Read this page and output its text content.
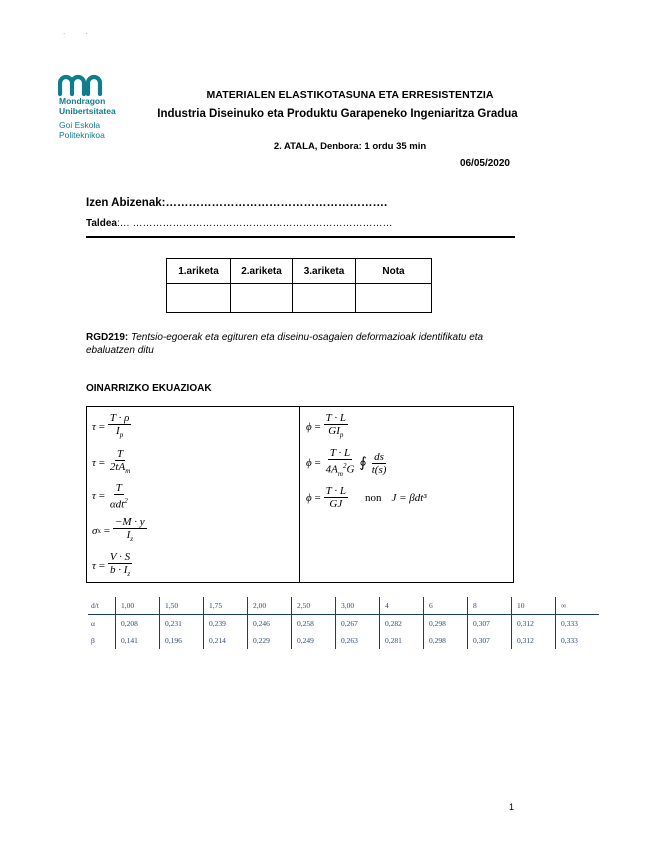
. .
Mondragon
Unibertsitatea
Goi Eskola
Politeknikoa
MATERIALEN ELASTIKOTASUNA ETA ERRESISTENTZIA
Industria Diseinuko eta Produktu Garapeneko Ingeniaritza Gradua
2. ATALA, Denbora: 1 ordu 35 min
06/05/2020
Izen Abizenak:………………………………………………….
Taldea:… ……………………………………………………………………
1.ariketa	2.ariketa	3.ariketa	Nota

RGD219: Tentsio-egoerak eta egituren eta diseinu-osagaien deformazioak identifikatu eta ebaluatzen ditu
OINARRIZKO EKUAZIOAK
$\tau = \frac{T \cdot \rho}{I_p}$
$\tau = \frac{T}{2tA_m}$
$\tau = \frac{T}{\alpha dt^2}$
σ $x = \frac{-M \cdot y}{I_z}$
$\tau = \frac{V \cdot S}{b \cdot I_z}$
$\phi = \frac{T \cdot L}{GI_p}$
$\phi = \frac{T \cdot L}{4A_m^2G}$ ∮ $\frac{ds}{t(s)}$
$\phi = \frac{T \cdot L}{GJ}$ non J = βdt³
d/t	1,00	1,50	1,75	2,00	2,50	3,00	4	6	8	10	∞
α	0,208	0,231	0,239	0,246	0,258	0,267	0,282	0,298	0,307	0,312	0,333
β	0,141	0,196	0,214	0,229	0,249	0,263	0,281	0,298	0,307	0,312	0,333
1
